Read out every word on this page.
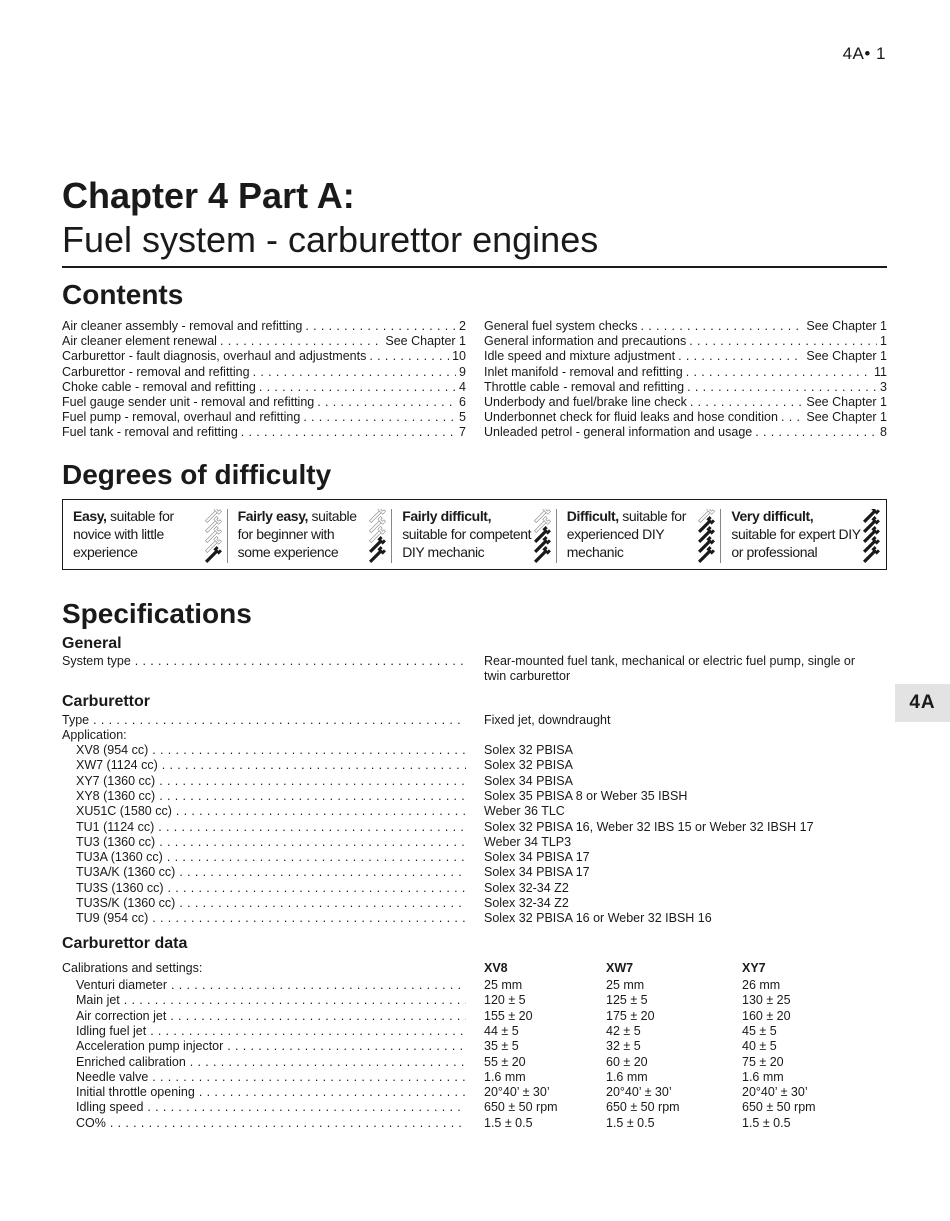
4A• 1
Chapter 4 Part A:
Fuel system - carburettor engines
Contents
Air cleaner assembly - removal and refitting . . .	2
Air cleaner element renewal . . .	See Chapter 1
Carburettor - fault diagnosis, overhaul and adjustments . . .	10
Carburettor - removal and refitting . . .	9
Choke cable - removal and refitting . . .	4
Fuel gauge sender unit - removal and refitting . . .	6
Fuel pump - removal, overhaul and refitting . . .	5
Fuel tank - removal and refitting . . .	7
General fuel system checks . . .	See Chapter 1
General information and precautions . . .	1
Idle speed and mixture adjustment . . .	See Chapter 1
Inlet manifold - removal and refitting . . .	11
Throttle cable - removal and refitting . . .	3
Underbody and fuel/brake line check . . .	See Chapter 1
Underbonnet check for fluid leaks and hose condition . . . See Chapter 1
Unleaded petrol - general information and usage . . .	8
Degrees of difficulty
Easy, suitable for
novice with little
experience
Fairly easy, suitable
for beginner with
some experience
Fairly difficult,
suitable for competent
DIY mechanic
Difficult, suitable for
experienced DIY
mechanic
Very difficult,
suitable for expert DIY
or professional
Specifications
General
System type . . .	Rear-mounted fuel tank, mechanical or electric fuel pump, single or
twin carburettor
Carburettor
Type . . .	Fixed jet, downdraught
Application:
XV8 (954 cc) . . .	Solex 32 PBISA
XW7 (1124 cc) . . .	Solex 32 PBISA
XY7 (1360 cc) . . .	Solex 34 PBISA
XY8 (1360 cc) . . .	Solex 35 PBISA 8 or Weber 35 IBSH
XU51C (1580 cc) . . .	Weber 36 TLC
TU1 (1124 cc) . . .	Solex 32 PBISA 16, Weber 32 IBS 15 or Weber 32 IBSH 17
TU3 (1360 cc) . . .	Weber 34 TLP3
TU3A (1360 cc) . . .	Solex 34 PBISA 17
TU3A/K (1360 cc) . . .	Solex 34 PBISA 17
TU3S (1360 cc) . . .	Solex 32-34 Z2
TU3S/K (1360 cc) . . .	Solex 32-34 Z2
TU9 (954 cc) . . .	Solex 32 PBISA 16 or Weber 32 IBSH 16
Carburettor data
Calibrations and settings:	XV8	XW7	XY7
Venturi diameter . . .	25 mm	25 mm	26 mm
Main jet . . .	120 ± 5	125 ± 5	130 ± 25
Air correction jet . . .	155 ± 20	175 ± 20	160 ± 20
Idling fuel jet . . .	44 ± 5	42 ± 5	45 ± 5
Acceleration pump injector . . .	35 ± 5	32 ± 5	40 ± 5
Enriched calibration . . .	55 ± 20	60 ± 20	75 ± 20
Needle valve . . .	1.6 mm	1.6 mm	1.6 mm
Initial throttle opening . . .	20°40’ ± 30’	20°40’ ± 30’	20°40’ ± 30’
Idling speed . . .	650 ± 50 rpm	650 ± 50 rpm	650 ± 50 rpm
CO% . . .	1.5 ± 0.5	1.5 ± 0.5	1.5 ± 0.5
4A
